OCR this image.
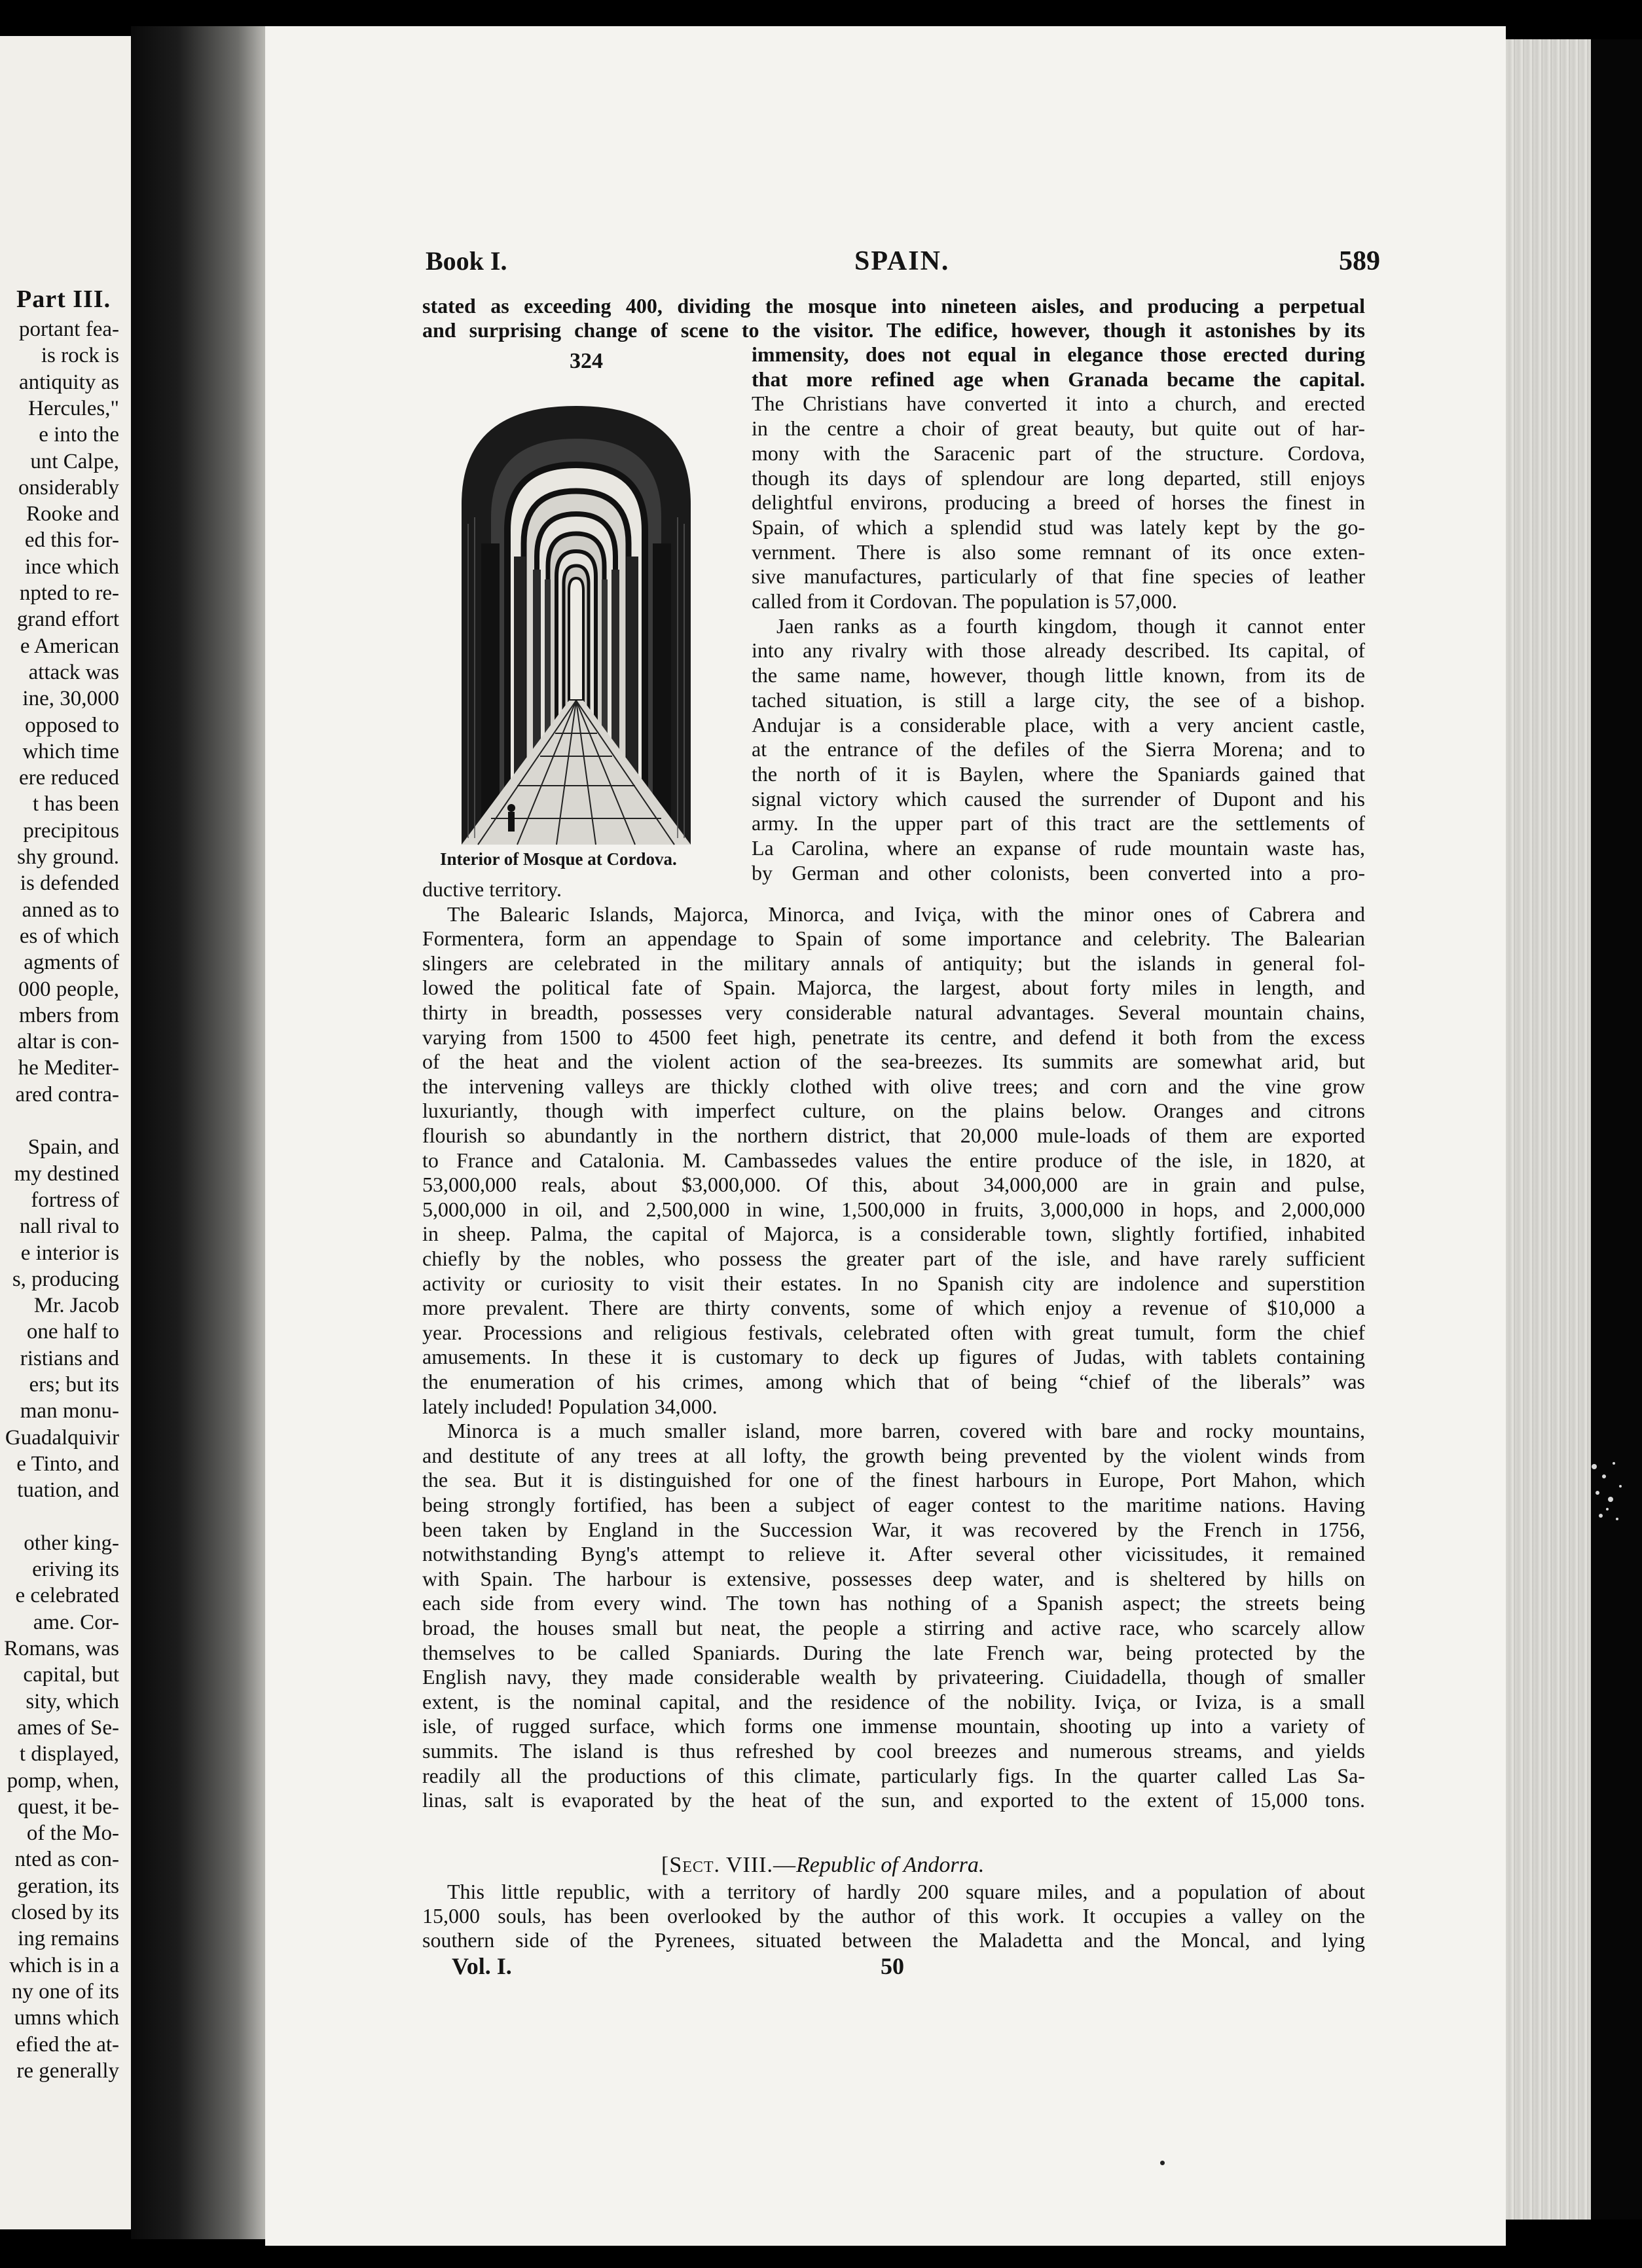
Part III.
portant fea-
is rock is
antiquity as
Hercules,"
e into the
unt Calpe,
onsiderably
Rooke and
ed this for-
ince which
npted to re-
grand effort
e American
attack was
ine, 30,000
opposed to
which time
ere reduced
t has been
precipitous
shy ground.
is defended
anned as to
es of which
agments of
000 people,
mbers from
altar is con-
he Mediter-
ared contra-
Spain, and
my destined
fortress of
nall rival to
e interior is
s, producing
Mr. Jacob
one half to
ristians and
ers; but its
man monu-
Guadalquivir
e Tinto, and
tuation, and
other king-
eriving its
e celebrated
ame. Cor-
Romans, was
capital, but
sity, which
ames of Se-
t displayed,
pomp, when,
quest, it be-
of the Mo-
nted as con-
geration, its
closed by its
ing remains
which is in a
ny one of its
umns which
efied the at-
re generally
Book I.	SPAIN.	589
stated as exceeding 400, dividing the mosque into nineteen aisles, and producing a perpetual
and surprising change of scene to the visitor. The edifice, however, though it astonishes by its
324
Interior of Mosque at Cordova.
immensity, does not equal in elegance those erected during
that more refined age when Granada became the capital.
The Christians have converted it into a church, and erected
in the centre a choir of great beauty, but quite out of har-
mony with the Saracenic part of the structure. Cordova,
though its days of splendour are long departed, still enjoys
delightful environs, producing a breed of horses the finest in
Spain, of which a splendid stud was lately kept by the go-
vernment. There is also some remnant of its once exten-
sive manufactures, particularly of that fine species of leather
called from it Cordovan. The population is 57,000.
Jaen ranks as a fourth kingdom, though it cannot enter
into any rivalry with those already described. Its capital, of
the same name, however, though little known, from its de
tached situation, is still a large city, the see of a bishop.
Andujar is a considerable place, with a very ancient castle,
at the entrance of the defiles of the Sierra Morena; and to
the north of it is Baylen, where the Spaniards gained that
signal victory which caused the surrender of Dupont and his
army. In the upper part of this tract are the settlements of
La Carolina, where an expanse of rude mountain waste has,
by German and other colonists, been converted into a pro-
ductive territory.
The Balearic Islands, Majorca, Minorca, and Iviça, with the minor ones of Cabrera and
Formentera, form an appendage to Spain of some importance and celebrity. The Balearian
slingers are celebrated in the military annals of antiquity; but the islands in general fol-
lowed the political fate of Spain. Majorca, the largest, about forty miles in length, and
thirty in breadth, possesses very considerable natural advantages. Several mountain chains,
varying from 1500 to 4500 feet high, penetrate its centre, and defend it both from the excess
of the heat and the violent action of the sea-breezes. Its summits are somewhat arid, but
the intervening valleys are thickly clothed with olive trees; and corn and the vine grow
luxuriantly, though with imperfect culture, on the plains below. Oranges and citrons
flourish so abundantly in the northern district, that 20,000 mule-loads of them are exported
to France and Catalonia. M. Cambassedes values the entire produce of the isle, in 1820, at
53,000,000 reals, about $3,000,000. Of this, about 34,000,000 are in grain and pulse,
5,000,000 in oil, and 2,500,000 in wine, 1,500,000 in fruits, 3,000,000 in hops, and 2,000,000
in sheep. Palma, the capital of Majorca, is a considerable town, slightly fortified, inhabited
chiefly by the nobles, who possess the greater part of the isle, and have rarely sufficient
activity or curiosity to visit their estates. In no Spanish city are indolence and superstition
more prevalent. There are thirty convents, some of which enjoy a revenue of $10,000 a
year. Processions and religious festivals, celebrated often with great tumult, form the chief
amusements. In these it is customary to deck up figures of Judas, with tablets containing
the enumeration of his crimes, among which that of being “chief of the liberals” was
lately included! Population 34,000.
Minorca is a much smaller island, more barren, covered with bare and rocky mountains,
and destitute of any trees at all lofty, the growth being prevented by the violent winds from
the sea. But it is distinguished for one of the finest harbours in Europe, Port Mahon, which
being strongly fortified, has been a subject of eager contest to the maritime nations. Having
been taken by England in the Succession War, it was recovered by the French in 1756,
notwithstanding Byng's attempt to relieve it. After several other vicissitudes, it remained
with Spain. The harbour is extensive, possesses deep water, and is sheltered by hills on
each side from every wind. The town has nothing of a Spanish aspect; the streets being
broad, the houses small but neat, the people a stirring and active race, who scarcely allow
themselves to be called Spaniards. During the late French war, being protected by the
English navy, they made considerable wealth by privateering. Ciuidadella, though of smaller
extent, is the nominal capital, and the residence of the nobility. Iviça, or Iviza, is a small
isle, of rugged surface, which forms one immense mountain, shooting up into a variety of
summits. The island is thus refreshed by cool breezes and numerous streams, and yields
readily all the productions of this climate, particularly figs. In the quarter called Las Sa-
linas, salt is evaporated by the heat of the sun, and exported to the extent of 15,000 tons.
[Sect. VIII.—Republic of Andorra.
This little republic, with a territory of hardly 200 square miles, and a population of about
15,000 souls, has been overlooked by the author of this work. It occupies a valley on the
southern side of the Pyrenees, situated between the Maladetta and the Moncal, and lying
Vol. I.	50
